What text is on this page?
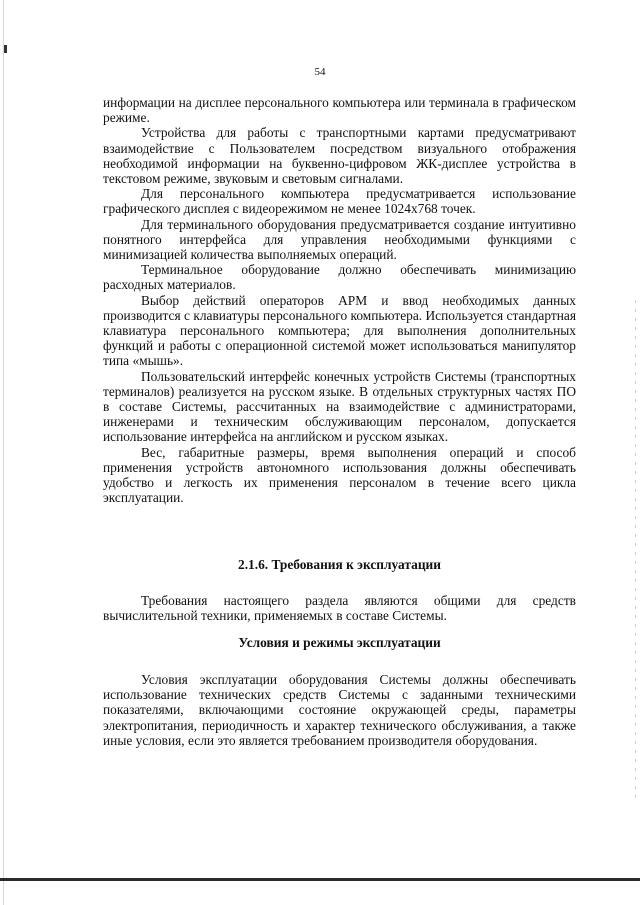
54

информации на дисплее персонального компьютера или терминала в графическом режиме.

Устройства для работы с транспортными картами предусматривают взаимодействие с Пользователем посредством визуального отображения необходимой информации на буквенно-цифровом ЖК-дисплее устройства в текстовом режиме, звуковым и световым сигналами.

Для персонального компьютера предусматривается использование графического дисплея с видеорежимом не менее 1024x768 точек.

Для терминального оборудования предусматривается создание интуитивно понятного интерфейса для управления необходимыми функциями с минимизацией количества выполняемых операций.

Терминальное оборудование должно обеспечивать минимизацию расходных материалов.

Выбор действий операторов АРМ и ввод необходимых данных производится с клавиатуры персонального компьютера. Используется стандартная клавиатура персонального компьютера; для выполнения дополнительных функций и работы с операционной системой может использоваться манипулятор типа «мышь».

Пользовательский интерфейс конечных устройств Системы (транспортных терминалов) реализуется на русском языке. В отдельных структурных частях ПО в составе Системы, рассчитанных на взаимодействие с администраторами, инженерами и техническим обслуживающим персоналом, допускается использование интерфейса на английском и русском языках.

Вес, габаритные размеры, время выполнения операций и способ применения устройств автономного использования должны обеспечивать удобство и легкость их применения персоналом в течение всего цикла эксплуатации.

2.1.6. Требования к эксплуатации

Требования настоящего раздела являются общими для средств вычислительной техники, применяемых в составе Системы.

Условия и режимы эксплуатации

Условия эксплуатации оборудования Системы должны обеспечивать использование технических средств Системы с заданными техническими показателями, включающими состояние окружающей среды, параметры электропитания, периодичность и характер технического обслуживания, а также иные условия, если это является требованием производителя оборудования.
